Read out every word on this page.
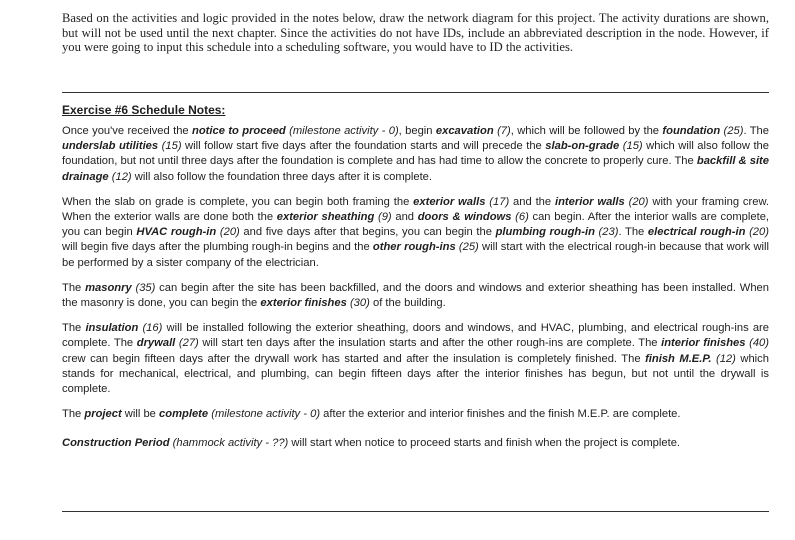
Based on the activities and logic provided in the notes below, draw the network diagram for this project. The activity durations are shown, but will not be used until the next chapter. Since the activities do not have IDs, include an abbreviated description in the node. However, if you were going to input this schedule into a scheduling software, you would have to ID the activities.
Exercise #6 Schedule Notes:

Once you've received the notice to proceed (milestone activity - 0), begin excavation (7), which will be followed by the foundation (25). The underslab utilities (15) will follow start five days after the foundation starts and will precede the slab-on-grade (15) which will also follow the foundation, but not until three days after the foundation is complete and has had time to allow the concrete to properly cure. The backfill & site drainage (12) will also follow the foundation three days after it is complete.

When the slab on grade is complete, you can begin both framing the exterior walls (17) and the interior walls (20) with your framing crew. When the exterior walls are done both the exterior sheathing (9) and doors & windows (6) can begin. After the interior walls are complete, you can begin HVAC rough-in (20) and five days after that begins, you can begin the plumbing rough-in (23). The electrical rough-in (20) will begin five days after the plumbing rough-in begins and the other rough-ins (25) will start with the electrical rough-in because that work will be performed by a sister company of the electrician.

The masonry (35) can begin after the site has been backfilled, and the doors and windows and exterior sheathing has been installed. When the masonry is done, you can begin the exterior finishes (30) of the building.

The insulation (16) will be installed following the exterior sheathing, doors and windows, and HVAC, plumbing, and electrical rough-ins are complete. The drywall (27) will start ten days after the insulation starts and after the other rough-ins are complete. The interior finishes (40) crew can begin fifteen days after the drywall work has started and after the insulation is completely finished. The finish M.E.P. (12) which stands for mechanical, electrical, and plumbing, can begin fifteen days after the interior finishes has begun, but not until the drywall is complete.

The project will be complete (milestone activity - 0) after the exterior and interior finishes and the finish M.E.P. are complete.

Construction Period (hammock activity - ??) will start when notice to proceed starts and finish when the project is complete.
